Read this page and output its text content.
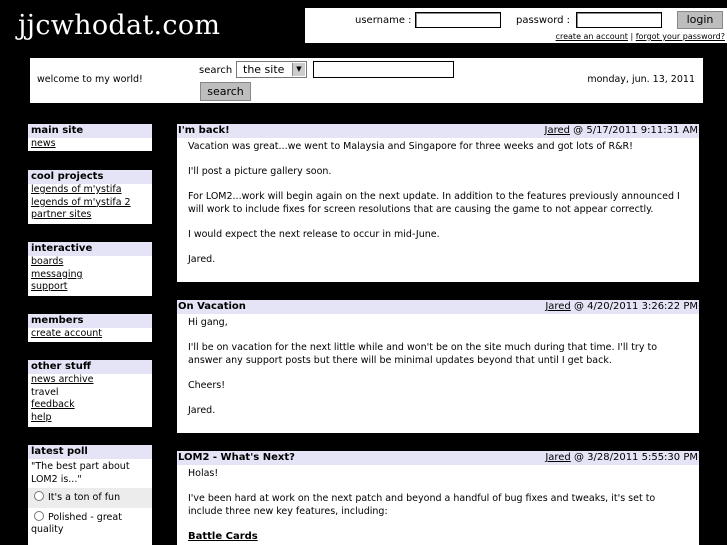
jjcwhodat.com	username :	password :	login
create an account | forgot your password?
welcome to my world!
search the site	▼
search
monday, jun. 13, 2011
main site
news
cool projects
legends of m'ystifa
legends of m'ystifa 2
partner sites
interactive
boards
messaging
support
members
create account
other stuff
news archive
travel
feedback
help
latest poll
"The best part about LOM2 is..."
It's a ton of fun
Polished - great quality
I'm back!	Jared @ 5/17/2011 9:11:31 AM

Vacation was great...we went to Malaysia and Singapore for three weeks and got lots of R&R!

I'll post a picture gallery soon.

For LOM2...work will begin again on the next update. In addition to the features previously announced I will work to include fixes for screen resolutions that are causing the game to not appear correctly.

I would expect the next release to occur in mid-June.

Jared.

On Vacation	Jared @ 4/20/2011 3:26:22 PM

Hi gang,

I'll be on vacation for the next little while and won't be on the site much during that time. I'll try to answer any support posts but there will be minimal updates beyond that until I get back.

Cheers!

Jared.

LOM2 - What's Next?	Jared @ 3/28/2011 5:55:30 PM

Holas!

I've been hard at work on the next patch and beyond a handful of bug fixes and tweaks, it's set to include three new key features, including:

Battle Cards
